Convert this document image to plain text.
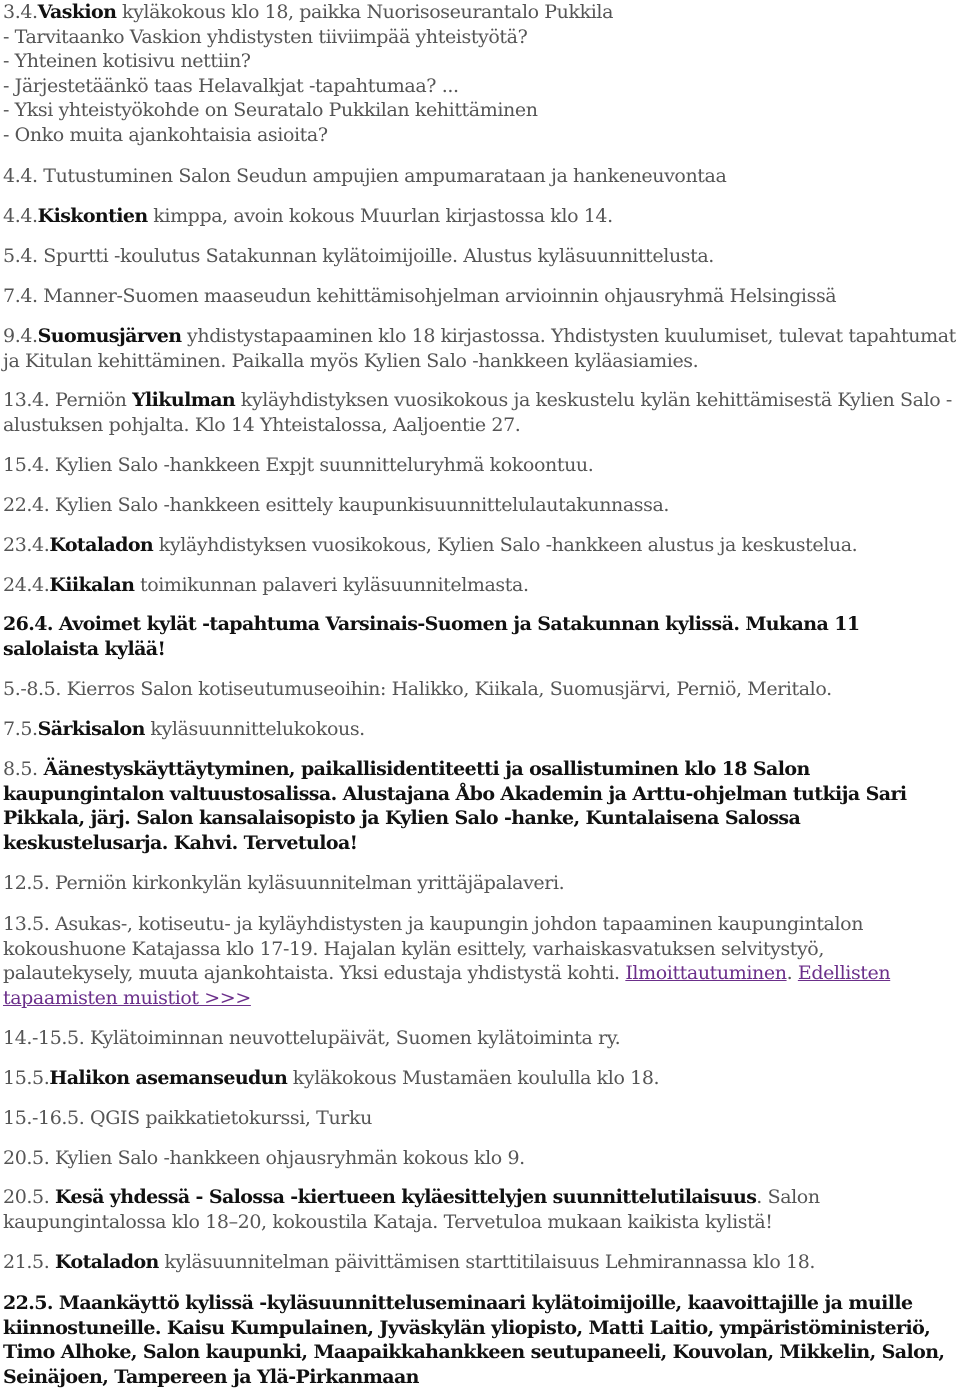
3.4.Vaskion kyläkokous klo 18, paikka Nuorisoseurantalo Pukkila
- Tarvitaanko Vaskion yhdistysten tiiviimpää yhteistyötä?
- Yhteinen kotisivu nettiin?
- Järjestetäänkö taas Helavalkjat -tapahtumaa? ...
- Yksi yhteistyökohde on Seuratalo Pukkilan kehittäminen
- Onko muita ajankohtaisia asioita?
4.4. Tutustuminen Salon Seudun ampujien ampumarataan ja hankeneuvontaa
4.4.Kiskontien kimppa, avoin kokous Muurlan kirjastossa klo 14.
5.4. Spurtti -koulutus Satakunnan kylätoimijoille. Alustus kyläsuunnittelusta.
7.4. Manner-Suomen maaseudun kehittämisohjelman arvioinnin ohjausryhmä Helsingissä
9.4.Suomusjärven yhdistystapaaminen klo 18 kirjastossa. Yhdistysten kuulumiset, tulevat tapahtumat ja Kitulan kehittäminen. Paikalla myös Kylien Salo -hankkeen kyläasiamies.
13.4. Perniön Ylikulman kyläyhdistyksen vuosikokous ja keskustelu kylän kehittämisestä Kylien Salo -alustuksen pohjalta. Klo 14 Yhteistalossa, Aaljoentie 27.
15.4. Kylien Salo -hankkeen Expjt suunnitteluryhmä kokoontuu.
22.4. Kylien Salo -hankkeen esittely kaupunkisuunnittelulautakunnassa.
23.4.Kotaladon kyläyhdistyksen vuosikokous, Kylien Salo -hankkeen alustus ja keskustelua.
24.4.Kiikalan toimikunnan palaveri kyläsuunnitelmasta.
26.4. Avoimet kylät -tapahtuma Varsinais-Suomen ja Satakunnan kylissä. Mukana 11 salolaista kylää!
5.-8.5. Kierros Salon kotiseutumuseoihin: Halikko, Kiikala, Suomusjärvi, Perniö, Meritalo.
7.5.Särkisalon kyläsuunnittelukokous.
8.5. Äänestyskäyttäytyminen, paikallisidentiteetti ja osallistuminen klo 18 Salon kaupungintalon valtuustosalissa. Alustajana Åbo Akademin ja Arttu-ohjelman tutkija Sari Pikkala, järj. Salon kansalaisopisto ja Kylien Salo -hanke, Kuntalaisena Salossa keskustelusarja. Kahvi. Tervetuloa!
12.5. Perniön kirkonkylän kyläsuunnitelman yrittäjäpalaveri.
13.5. Asukas-, kotiseutu- ja kyläyhdistysten ja kaupungin johdon tapaaminen kaupungintalon kokoushuone Katajassa klo 17-19. Hajalan kylän esittely, varhaiskasvatuksen selvitystyö, palautekysely, muuta ajankohtaista. Yksi edustaja yhdistystä kohti. Ilmoittautuminen. Edellisten tapaamisten muistiot >>>
14.-15.5. Kylätoiminnan neuvottelupäivät, Suomen kylätoiminta ry.
15.5.Halikon asemanseudun kyläkokous Mustamäen koululla klo 18.
15.-16.5. QGIS paikkatietokurssi, Turku
20.5. Kylien Salo -hankkeen ohjausryhmän kokous klo 9.
20.5. Kesä yhdessä - Salossa -kiertueen kyläesittelyjen suunnittelutilaisuus. Salon kaupungintalossa klo 18–20, kokoustila Kataja. Tervetuloa mukaan kaikista kylistä!
21.5. Kotaladon kyläsuunnitelman päivittämisen starttitilaisuus Lehmirannassa klo 18.
22.5. Maankäyttö kylissä -kyläsuunnitteluseminaari kylätoimijoille, kaavoittajille ja muille kiinnostuneille. Kaisu Kumpulainen, Jyväskylän yliopisto, Matti Laitio, ympäristöministeriö, Timo Alhoke, Salon kaupunki, Maapaikkahankkeen seutupaneeli, Kouvolan, Mikkelin, Salon, Seinäjoen, Tampereen ja Ylä-Pirkanmaan
